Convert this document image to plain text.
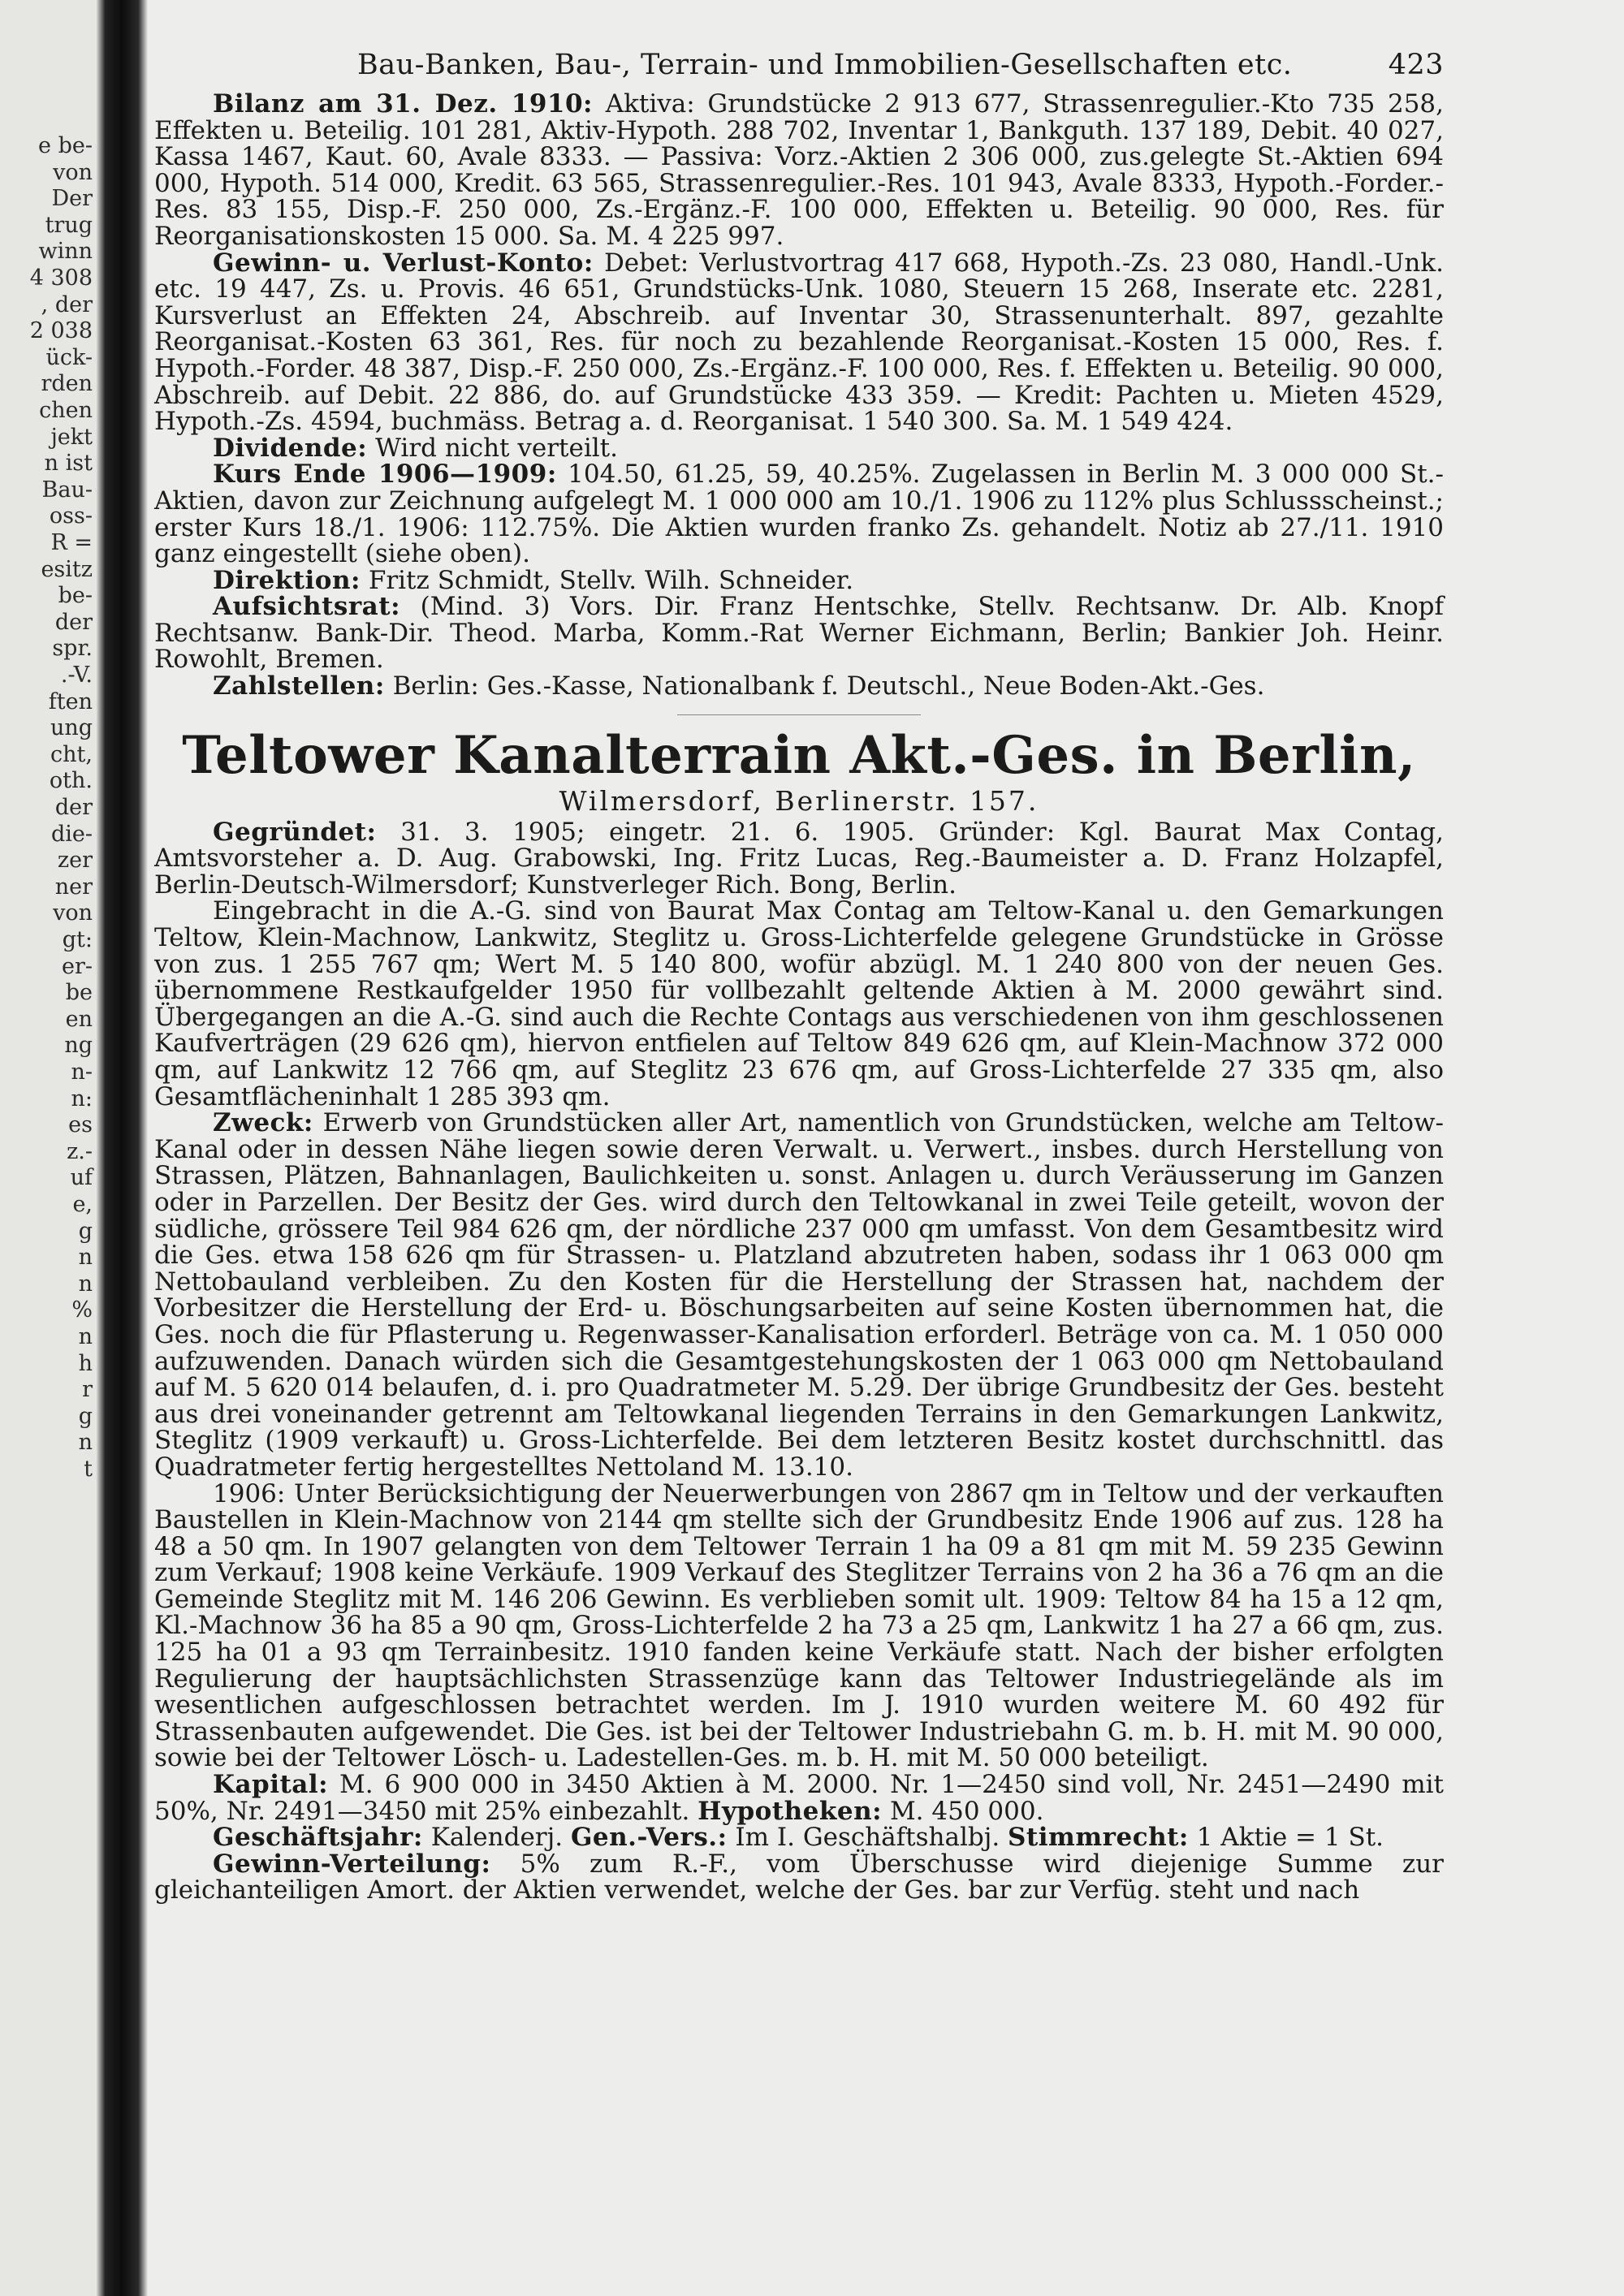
e be-
von
Der
trug
winn
4 308
, der
2 038
ück-
rden
chen
jekt
n ist
Bau-
oss-
R =
esitz
be-
der
spr.
.-V.
ften
ung
cht,
oth.
der
die-
zer
ner
von
gt:
er-
be
en
ng
n-
n:
es
z.-
uf
e,
g
n
n
%
n
h
r
g
n
t
Bau-Banken, Bau-, Terrain- und Immobilien-Gesellschaften etc.	423

Bilanz am 31. Dez. 1910: Aktiva: Grundstücke 2 913 677, Strassenregulier.-Kto 735 258, Effekten u. Beteilig. 101 281, Aktiv-Hypoth. 288 702, Inventar 1, Bankguth. 137 189, Debit. 40 027, Kassa 1467, Kaut. 60, Avale 8333. — Passiva: Vorz.-Aktien 2 306 000, zus.gelegte St.-Aktien 694 000, Hypoth. 514 000, Kredit. 63 565, Strassenregulier.-Res. 101 943, Avale 8333, Hypoth.-Forder.-Res. 83 155, Disp.-F. 250 000, Zs.-Ergänz.-F. 100 000, Effekten u. Beteilig. 90 000, Res. für Reorganisationskosten 15 000. Sa. M. 4 225 997.

Gewinn- u. Verlust-Konto: Debet: Verlustvortrag 417 668, Hypoth.-Zs. 23 080, Handl.-Unk. etc. 19 447, Zs. u. Provis. 46 651, Grundstücks-Unk. 1080, Steuern 15 268, Inserate etc. 2281, Kursverlust an Effekten 24, Abschreib. auf Inventar 30, Strassenunterhalt. 897, gezahlte Reorganisat.-Kosten 63 361, Res. für noch zu bezahlende Reorganisat.-Kosten 15 000, Res. f. Hypoth.-Forder. 48 387, Disp.-F. 250 000, Zs.-Ergänz.-F. 100 000, Res. f. Effekten u. Beteilig. 90 000, Abschreib. auf Debit. 22 886, do. auf Grundstücke 433 359. — Kredit: Pachten u. Mieten 4529, Hypoth.-Zs. 4594, buchmäss. Betrag a. d. Reorganisat. 1 540 300. Sa. M. 1 549 424.

Dividende: Wird nicht verteilt.

Kurs Ende 1906—1909: 104.50, 61.25, 59, 40.25%. Zugelassen in Berlin M. 3 000 000 St.-Aktien, davon zur Zeichnung aufgelegt M. 1 000 000 am 10./1. 1906 zu 112% plus Schlussscheinst.; erster Kurs 18./1. 1906: 112.75%. Die Aktien wurden franko Zs. gehandelt. Notiz ab 27./11. 1910 ganz eingestellt (siehe oben).

Direktion: Fritz Schmidt, Stellv. Wilh. Schneider.

Aufsichtsrat: (Mind. 3) Vors. Dir. Franz Hentschke, Stellv. Rechtsanw. Dr. Alb. Knopf Rechtsanw. Bank-Dir. Theod. Marba, Komm.-Rat Werner Eichmann, Berlin; Bankier Joh. Heinr. Rowohlt, Bremen.

Zahlstellen: Berlin: Ges.-Kasse, Nationalbank f. Deutschl., Neue Boden-Akt.-Ges.

Teltower Kanalterrain Akt.-Ges. in Berlin,
Wilmersdorf, Berlinerstr. 157.

Gegründet: 31. 3. 1905; eingetr. 21. 6. 1905. Gründer: Kgl. Baurat Max Contag, Amtsvorsteher a. D. Aug. Grabowski, Ing. Fritz Lucas, Reg.-Baumeister a. D. Franz Holzapfel, Berlin-Deutsch-Wilmersdorf; Kunstverleger Rich. Bong, Berlin.

Eingebracht in die A.-G. sind von Baurat Max Contag am Teltow-Kanal u. den Gemarkungen Teltow, Klein-Machnow, Lankwitz, Steglitz u. Gross-Lichterfelde gelegene Grundstücke in Grösse von zus. 1 255 767 qm; Wert M. 5 140 800, wofür abzügl. M. 1 240 800 von der neuen Ges. übernommene Restkaufgelder 1950 für vollbezahlt geltende Aktien à M. 2000 gewährt sind. Übergegangen an die A.-G. sind auch die Rechte Contags aus verschiedenen von ihm geschlossenen Kaufverträgen (29 626 qm), hiervon entfielen auf Teltow 849 626 qm, auf Klein-Machnow 372 000 qm, auf Lankwitz 12 766 qm, auf Steglitz 23 676 qm, auf Gross-Lichterfelde 27 335 qm, also Gesamtflächeninhalt 1 285 393 qm.

Zweck: Erwerb von Grundstücken aller Art, namentlich von Grundstücken, welche am Teltow-Kanal oder in dessen Nähe liegen sowie deren Verwalt. u. Verwert., insbes. durch Herstellung von Strassen, Plätzen, Bahnanlagen, Baulichkeiten u. sonst. Anlagen u. durch Veräusserung im Ganzen oder in Parzellen. Der Besitz der Ges. wird durch den Teltowkanal in zwei Teile geteilt, wovon der südliche, grössere Teil 984 626 qm, der nördliche 237 000 qm umfasst. Von dem Gesamtbesitz wird die Ges. etwa 158 626 qm für Strassen- u. Platzland abzutreten haben, sodass ihr 1 063 000 qm Nettobauland verbleiben. Zu den Kosten für die Herstellung der Strassen hat, nachdem der Vorbesitzer die Herstellung der Erd- u. Böschungsarbeiten auf seine Kosten übernommen hat, die Ges. noch die für Pflasterung u. Regenwasser-Kanalisation erforderl. Beträge von ca. M. 1 050 000 aufzuwenden. Danach würden sich die Gesamtgestehungskosten der 1 063 000 qm Nettobauland auf M. 5 620 014 belaufen, d. i. pro Quadratmeter M. 5.29. Der übrige Grundbesitz der Ges. besteht aus drei voneinander getrennt am Teltowkanal liegenden Terrains in den Gemarkungen Lankwitz, Steglitz (1909 verkauft) u. Gross-Lichterfelde. Bei dem letzteren Besitz kostet durchschnittl. das Quadratmeter fertig hergestelltes Nettoland M. 13.10.

1906: Unter Berücksichtigung der Neuerwerbungen von 2867 qm in Teltow und der verkauften Baustellen in Klein-Machnow von 2144 qm stellte sich der Grundbesitz Ende 1906 auf zus. 128 ha 48 a 50 qm. In 1907 gelangten von dem Teltower Terrain 1 ha 09 a 81 qm mit M. 59 235 Gewinn zum Verkauf; 1908 keine Verkäufe. 1909 Verkauf des Steglitzer Terrains von 2 ha 36 a 76 qm an die Gemeinde Steglitz mit M. 146 206 Gewinn. Es verblieben somit ult. 1909: Teltow 84 ha 15 a 12 qm, Kl.-Machnow 36 ha 85 a 90 qm, Gross-Lichterfelde 2 ha 73 a 25 qm, Lankwitz 1 ha 27 a 66 qm, zus. 125 ha 01 a 93 qm Terrainbesitz. 1910 fanden keine Verkäufe statt. Nach der bisher erfolgten Regulierung der hauptsächlichsten Strassenzüge kann das Teltower Industriegelände als im wesentlichen aufgeschlossen betrachtet werden. Im J. 1910 wurden weitere M. 60 492 für Strassenbauten aufgewendet. Die Ges. ist bei der Teltower Industriebahn G. m. b. H. mit M. 90 000, sowie bei der Teltower Lösch- u. Ladestellen-Ges. m. b. H. mit M. 50 000 beteiligt.

Kapital: M. 6 900 000 in 3450 Aktien à M. 2000. Nr. 1—2450 sind voll, Nr. 2451—2490 mit 50%, Nr. 2491—3450 mit 25% einbezahlt. Hypotheken: M. 450 000.

Geschäftsjahr: Kalenderj. Gen.-Vers.: Im I. Geschäftshalbj. Stimmrecht: 1 Aktie = 1 St.

Gewinn-Verteilung: 5% zum R.-F., vom Überschusse wird diejenige Summe zur gleichanteiligen Amort. der Aktien verwendet, welche der Ges. bar zur Verfüg. steht und nach
